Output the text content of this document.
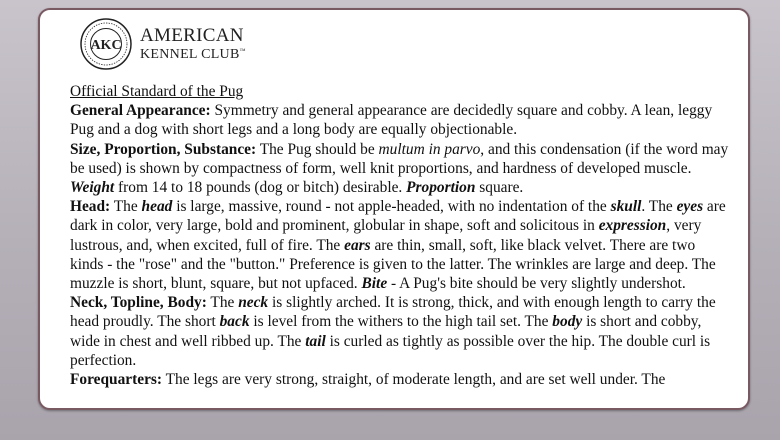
AKC AMERICAN
KENNEL CLUB™

Official Standard of the Pug

General Appearance: Symmetry and general appearance are decidedly square and cobby. A lean, leggy Pug and a dog with short legs and a long body are equally objectionable.

Size, Proportion, Substance: The Pug should be multum in parvo, and this condensation (if the word may be used) is shown by compactness of form, well knit proportions, and hardness of developed muscle. Weight from 14 to 18 pounds (dog or bitch) desirable. Proportion square.

Head: The head is large, massive, round - not apple-headed, with no indentation of the skull. The eyes are dark in color, very large, bold and prominent, globular in shape, soft and solicitous in expression, very lustrous, and, when excited, full of fire. The ears are thin, small, soft, like black velvet. There are two kinds - the "rose" and the "button." Preference is given to the latter. The wrinkles are large and deep. The muzzle is short, blunt, square, but not upfaced. Bite - A Pug's bite should be very slightly undershot.

Neck, Topline, Body: The neck is slightly arched. It is strong, thick, and with enough length to carry the head proudly. The short back is level from the withers to the high tail set. The body is short and cobby, wide in chest and well ribbed up. The tail is curled as tightly as possible over the hip. The double curl is perfection.

Forequarters: The legs are very strong, straight, of moderate length, and are set well under. The
